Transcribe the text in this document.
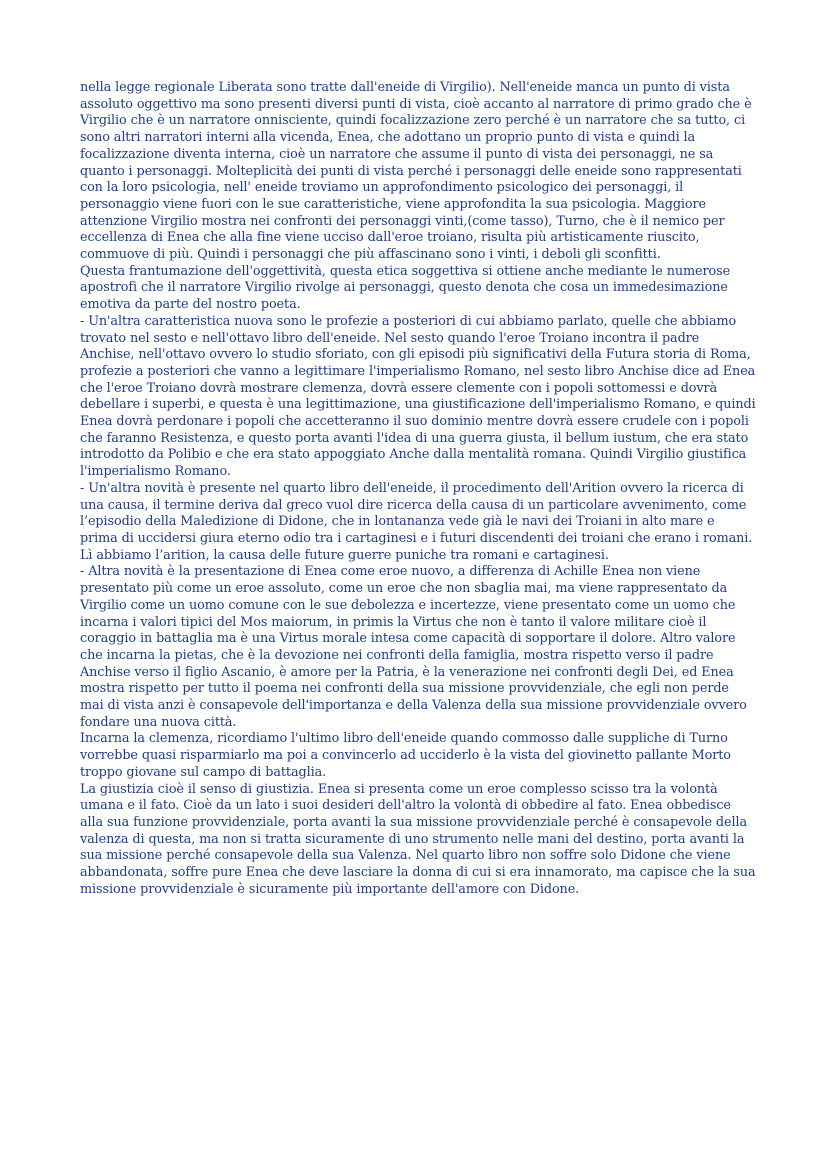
nella legge regionale Liberata sono tratte dall'eneide di Virgilio). Nell'eneide manca un punto di vista assoluto oggettivo ma sono presenti diversi punti di vista, cioè accanto al narratore di primo grado che è Virgilio che è un narratore onnisciente, quindi focalizzazione zero perché è un narratore che sa tutto, ci sono altri narratori interni alla vicenda, Enea, che adottano un proprio punto di vista e quindi la focalizzazione diventa interna, cioè un narratore che assume il punto di vista dei personaggi, ne sa quanto i personaggi. Molteplicità dei punti di vista perché i personaggi delle eneide sono rappresentati con la loro psicologia, nell' eneide troviamo un approfondimento psicologico dei personaggi, il personaggio viene fuori con le sue caratteristiche, viene approfondita la sua psicologia. Maggiore attenzione Virgilio mostra nei confronti dei personaggi vinti,(come tasso), Turno, che è il nemico per eccellenza di Enea che alla fine viene ucciso dall'eroe troiano, risulta più artisticamente riuscito, commuove di più. Quindi i personaggi che più affascinano sono i vinti, i deboli gli sconfitti.

Questa frantumazione dell'oggettività, questa etica soggettiva si ottiene anche mediante le numerose apostrofi che il narratore Virgilio rivolge ai personaggi, questo denota che cosa un immedesimazione emotiva da parte del nostro poeta.

- Un'altra caratteristica nuova sono le profezie a posteriori di cui abbiamo parlato, quelle che abbiamo trovato nel sesto e nell'ottavo libro dell'eneide. Nel sesto quando l'eroe Troiano incontra il padre Anchise, nell'ottavo ovvero lo studio sforiato, con gli episodi più significativi della Futura storia di Roma, profezie a posteriori che vanno a legittimare l'imperialismo Romano, nel sesto libro Anchise dice ad Enea che l'eroe Troiano dovrà mostrare clemenza, dovrà essere clemente con i popoli sottomessi e dovrà debellare i superbi, e questa è una legittimazione, una giustificazione dell'imperialismo Romano, e quindi Enea dovrà perdonare i popoli che accetteranno il suo dominio mentre dovrà essere crudele con i popoli che faranno Resistenza, e questo porta avanti l'idea di una guerra giusta, il bellum iustum, che era stato introdotto da Polibio e che era stato appoggiato Anche dalla mentalità romana. Quindi Virgilio giustifica l'imperialismo Romano.

- Un'altra novità è presente nel quarto libro dell'eneide, il procedimento dell'Arition ovvero la ricerca di una causa, il termine deriva dal greco vuol dire ricerca della causa di un particolare avvenimento, come l’episodio della Maledizione di Didone, che in lontananza vede già le navi dei Troiani in alto mare e prima di uccidersi giura eterno odio tra i cartaginesi e i futuri discendenti dei troiani che erano i romani. Lì abbiamo l’arition, la causa delle future guerre puniche tra romani e cartaginesi.

- Altra novità è la presentazione di Enea come eroe nuovo, a differenza di Achille Enea non viene presentato più come un eroe assoluto, come un eroe che non sbaglia mai, ma viene rappresentato da Virgilio come un uomo comune con le sue debolezza e incertezze, viene presentato come un uomo che incarna i valori tipici del Mos maiorum, in primis la Virtus che non è tanto il valore militare cioè il coraggio in battaglia ma è una Virtus morale intesa come capacità di sopportare il dolore. Altro valore che incarna la pietas, che è la devozione nei confronti della famiglia, mostra rispetto verso il padre Anchise verso il figlio Ascanio, è amore per la Patria, è la venerazione nei confronti degli Dei, ed Enea mostra rispetto per tutto il poema nei confronti della sua missione provvidenziale, che egli non perde mai di vista anzi è consapevole dell'importanza e della Valenza della sua missione provvidenziale ovvero fondare una nuova città.

Incarna la clemenza, ricordiamo l'ultimo libro dell'eneide quando commosso dalle suppliche di Turno vorrebbe quasi risparmiarlo ma poi a convincerlo ad ucciderlo è la vista del giovinetto pallante Morto troppo giovane sul campo di battaglia.

La giustizia cioè il senso di giustizia. Enea si presenta come un eroe complesso scisso tra la volontà umana e il fato. Cioè da un lato i suoi desideri dell'altro la volontà di obbedire al fato. Enea obbedisce alla sua funzione provvidenziale, porta avanti la sua missione provvidenziale perché è consapevole della valenza di questa, ma non si tratta sicuramente di uno strumento nelle mani del destino, porta avanti la sua missione perché consapevole della sua Valenza. Nel quarto libro non soffre solo Didone che viene abbandonata, soffre pure Enea che deve lasciare la donna di cui si era innamorato, ma capisce che la sua missione provvidenziale è sicuramente più importante dell'amore con Didone.
